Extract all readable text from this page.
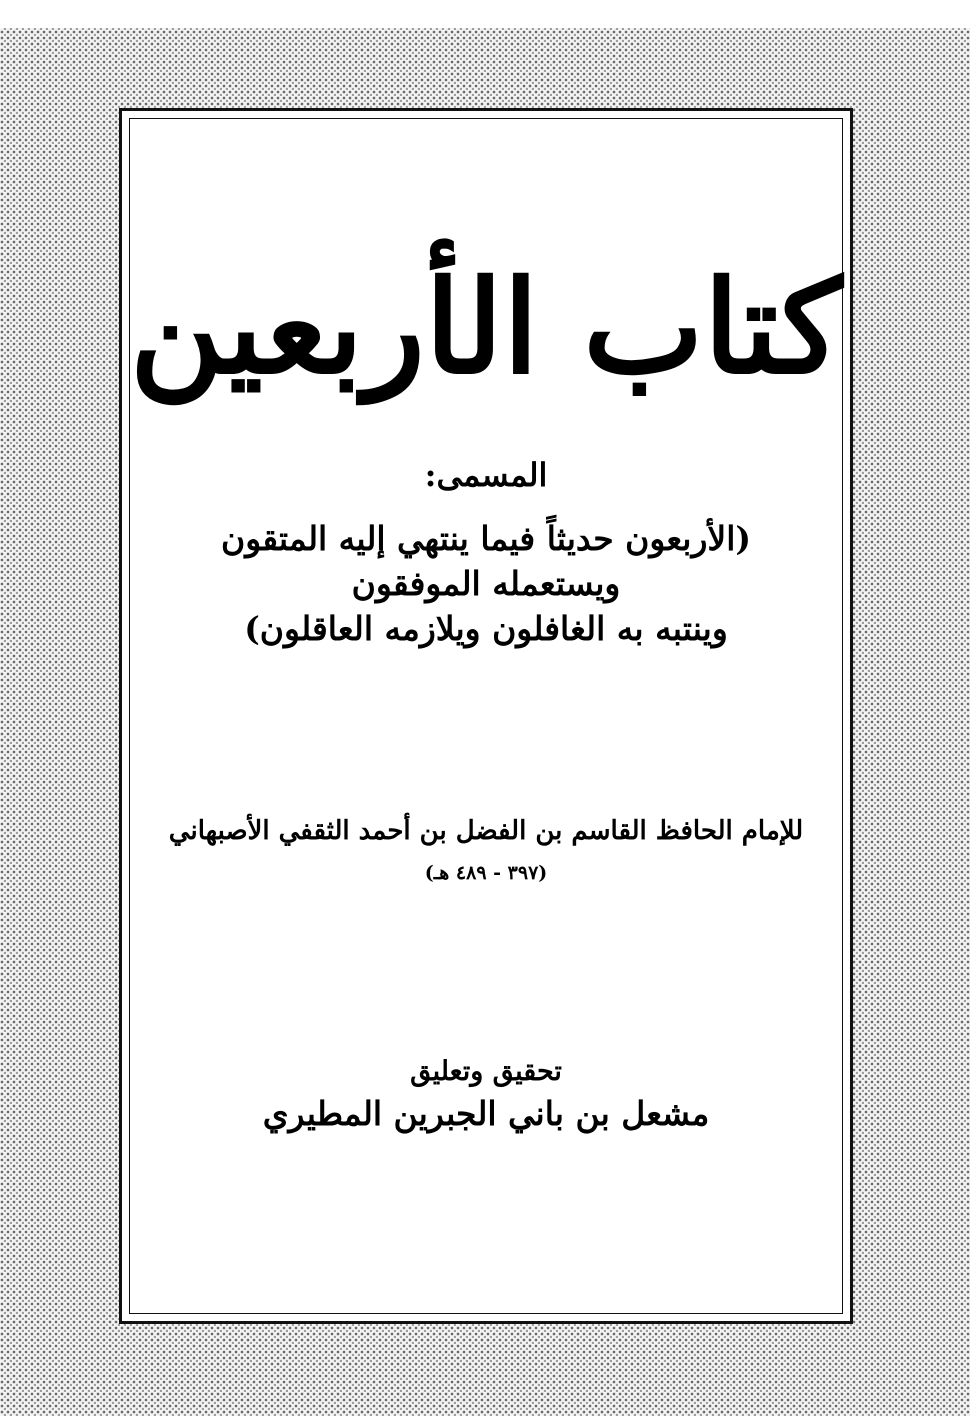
كتاب الأربعين
المسمى:
(الأربعون حديثاً فيما ينتهي إليه المتقون
ويستعمله الموفقون
وينتبه به الغافلون ويلازمه العاقلون)
للإمام الحافظ القاسم بن الفضل بن أحمد الثقفي الأصبهاني
(٣٩٧ - ٤٨٩ هـ)
تحقيق وتعليق
مشعل بن باني الجبرين المطيري
